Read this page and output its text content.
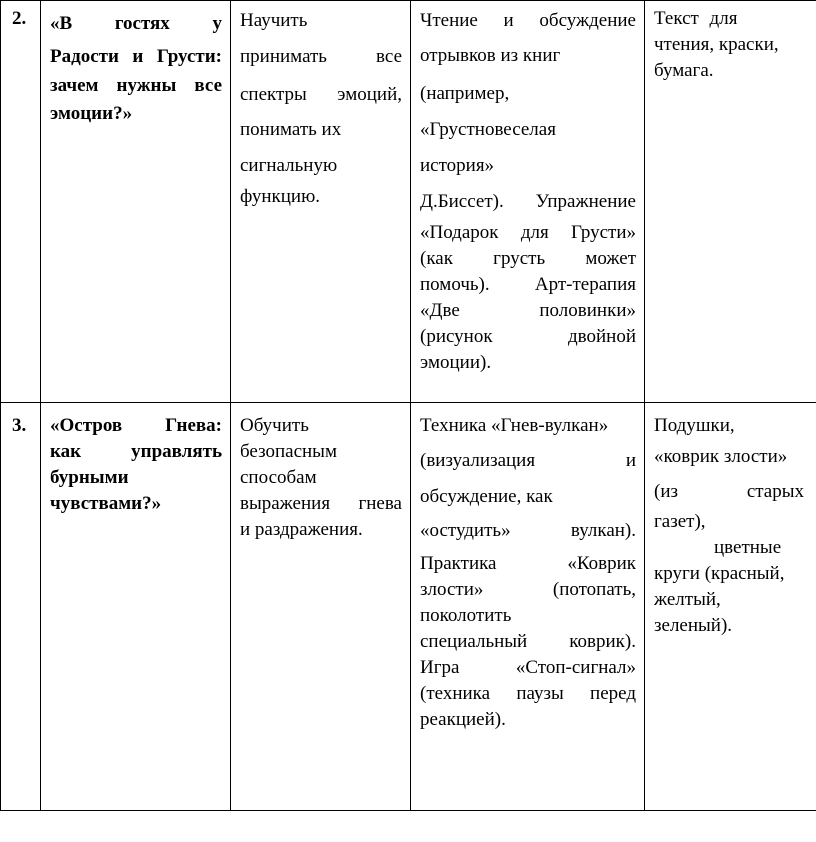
2. «В гостях у

Радости и Грусти:

зачем нужны все

эмоции?»

Научить

принимать все

спектры эмоций,

понимать их

сигнальную

функцию.

Чтение и обсуждение

отрывков из книг

(например,

«Грустновеселая

история»

Д.Биссет). Упражнение

«Подарок для Грусти»

(как грусть может

помочь). Арт-терапия

«Две половинки»

(рисунок двойной

эмоции).

Текст для

чтения, краски,

бумага.

3. «Остров Гнева:

как управлять

бурными

чувствами?»

Обучить

безопасным

способам

выражения гнева

и раздражения.

Техника «Гнев-вулкан»

(визуализация и

обсуждение, как

«остудить» вулкан).

Практика «Коврик

злости» (потопать,

поколотить

специальный коврик).

Игра «Стоп-сигнал»

(техника паузы перед

реакцией).

Подушки,

«коврик злости»

(из старых

газет),

цветные

круги (красный,

желтый,

зеленый).
